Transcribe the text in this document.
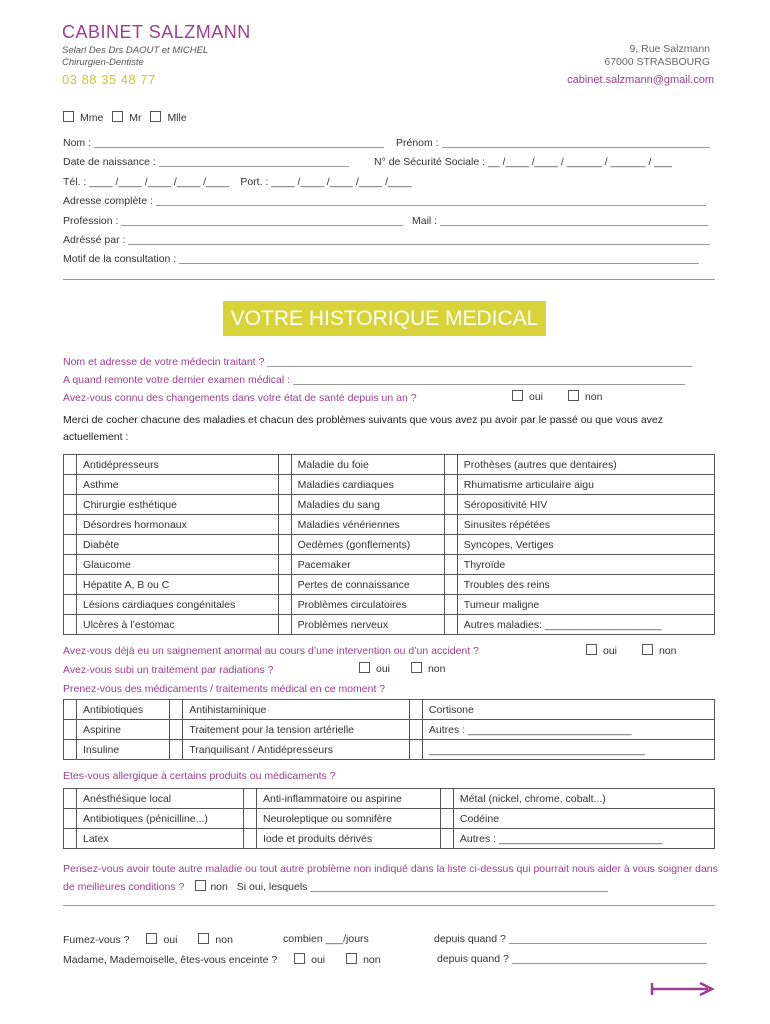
CABINET SALZMANN
Selarl Des Drs DAOUT et MICHEL
Chirurgien-Dentiste
03 88 35 48 77
9, Rue Salzmann
67000 STRASBOURG
cabinet.salzmann@gmail.com
Mme Mr Mlle
Nom :	Prénom :
Date de naissance :	N° de Sécurité Sociale : __ /____ /____ / ______ / ______ / ___
Tél. : ____ /____ /____ /____ /____ Port. : ____ /____ /____ /____ /____
Adresse complète :
Profession :	Mail :
Adréssé par :
Motif de la consultation :
VOTRE HISTORIQUE MEDICAL
Nom et adresse de votre médecin traitant ?
A quand remonte votre dernier examen médical :
Avez-vous connu des changements dans votre état de santé depuis un an ?	oui	non
Merci de cocher chacune des maladies et chacun des problèmes suivants que vous avez pu avoir par le passé ou que vous avez actuellement :
	Antidépresseurs		Maladie du foie		Prothèses (autres que dentaires)
	Asthme		Maladies cardiaques		Rhumatisme articulaire aigu
	Chirurgie esthétique		Maladies du sang		Séropositivité HIV
	Désordres hormonaux		Maladies vénériennes		Sinusites répétées
	Diabète		Oedèmes (gonflements)		Syncopes, Vertiges
	Glaucome		Pacemaker		Thyroïde
	Hépatite A, B ou C		Pertes de connaissance		Troubles des reins
	Lésions cardiaques congénitales		Problèmes circulatoires		Tumeur maligne
	Ulcères à l’estomac		Problèmes nerveux		Autres maladies: ____________________
Avez-vous déjà eu un saignement anormal au cours d’une intervention ou d’un accident ?	oui	non
Avez-vous subi un traitement par radiations ?	oui	non
Prenez-vous des médicaments / traitements médical en ce moment ?
	Antibiotiques		Antihistaminique		Cortisone
	Aspirine		Traitement pour la tension artérielle		Autres : ____________________________
	Insuline		Tranquilisant / Antidépresseurs		_____________________________________
Etes-vous allergique à certains produits ou médicaments ?
	Anésthésique local		Anti-inflammatoire ou aspirine		Métal (nickel, chrome, cobalt...)
	Antibiotiques (pénicilline...)		Neuroleptique ou somnifère		Codéine
	Latex		Iode et produits dérivés		Autres : ____________________________
Pensez-vous avoir toute autre maladie ou tout autre problème non indiqué dans la liste ci-dessus qui pourrait nous aider à vous soigner dans de meilleures conditions ? non Si oui, lesquels
Fumez-vous ?	oui	non	combien ___/jours	depuis quand ?
Madame, Mademoiselle, êtes-vous enceinte ?	oui	non	depuis quand ?
